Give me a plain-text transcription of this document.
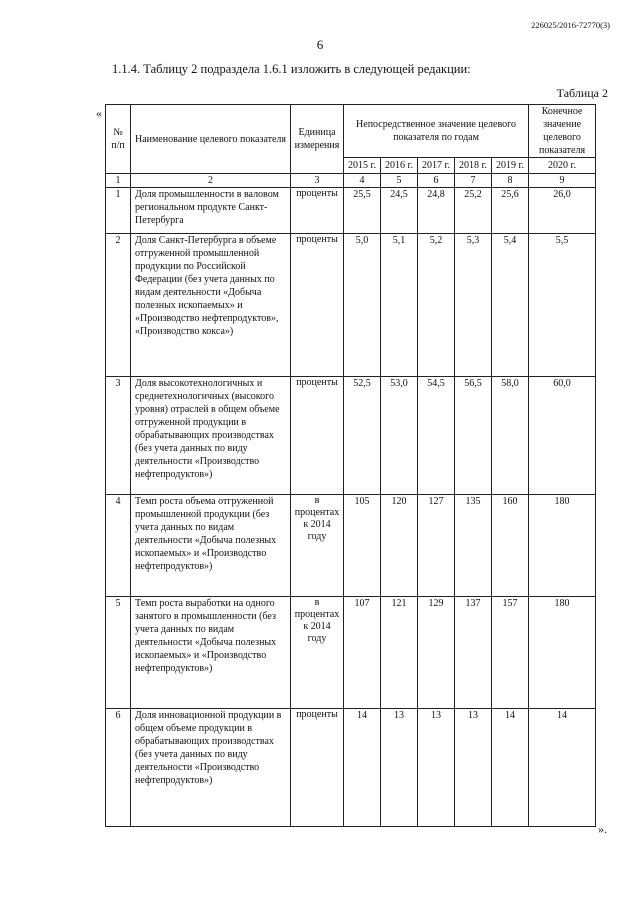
226025/2016-72770(3)
6
1.1.4. Таблицу 2 подраздела 1.6.1 изложить в следующей редакции:
Таблица 2
«
».
№ п/п	Наименование целевого показателя	Единица измерения	Непосредственное значение целевого показателя по годам					Конечное значение целевого показателя
			2015 г.	2016 г.	2017 г.	2018 г.	2019 г.	2020 г.
1	2	3	4	5	6	7	8	9
1	Доля промышленности в валовом региональном продукте Санкт-Петербурга	проценты	25,5	24,5	24,8	25,2	25,6	26,0
2	Доля Санкт-Петербурга в объеме отгруженной промышленной продукции по Российской Федерации (без учета данных по видам деятельности «Добыча полезных ископаемых» и «Производство нефтепродуктов», «Производство кокса»)	проценты	5,0	5,1	5,2	5,3	5,4	5,5
3	Доля высокотехнологичных и среднетехнологичных (высокого уровня) отраслей в общем объеме отгруженной продукции в обрабатывающих производствах (без учета данных по виду деятельности «Производство нефтепродуктов»)	проценты	52,5	53,0	54,5	56,5	58,0	60,0
4	Темп роста объема отгруженной промышленной продукции (без учета данных по видам деятельности «Добыча полезных ископаемых» и «Производство нефтепродуктов»)	в процентах к 2014 году	105	120	127	135	160	180
5	Темп роста выработки на одного занятого в промышленности (без учета данных по видам деятельности «Добыча полезных ископаемых» и «Производство нефтепродуктов»)	в процентах к 2014 году	107	121	129	137	157	180
6	Доля инновационной продукции в общем объеме продукции в обрабатывающих производствах (без учета данных по виду деятельности «Производство нефтепродуктов»)	проценты	14	13	13	13	14	14
